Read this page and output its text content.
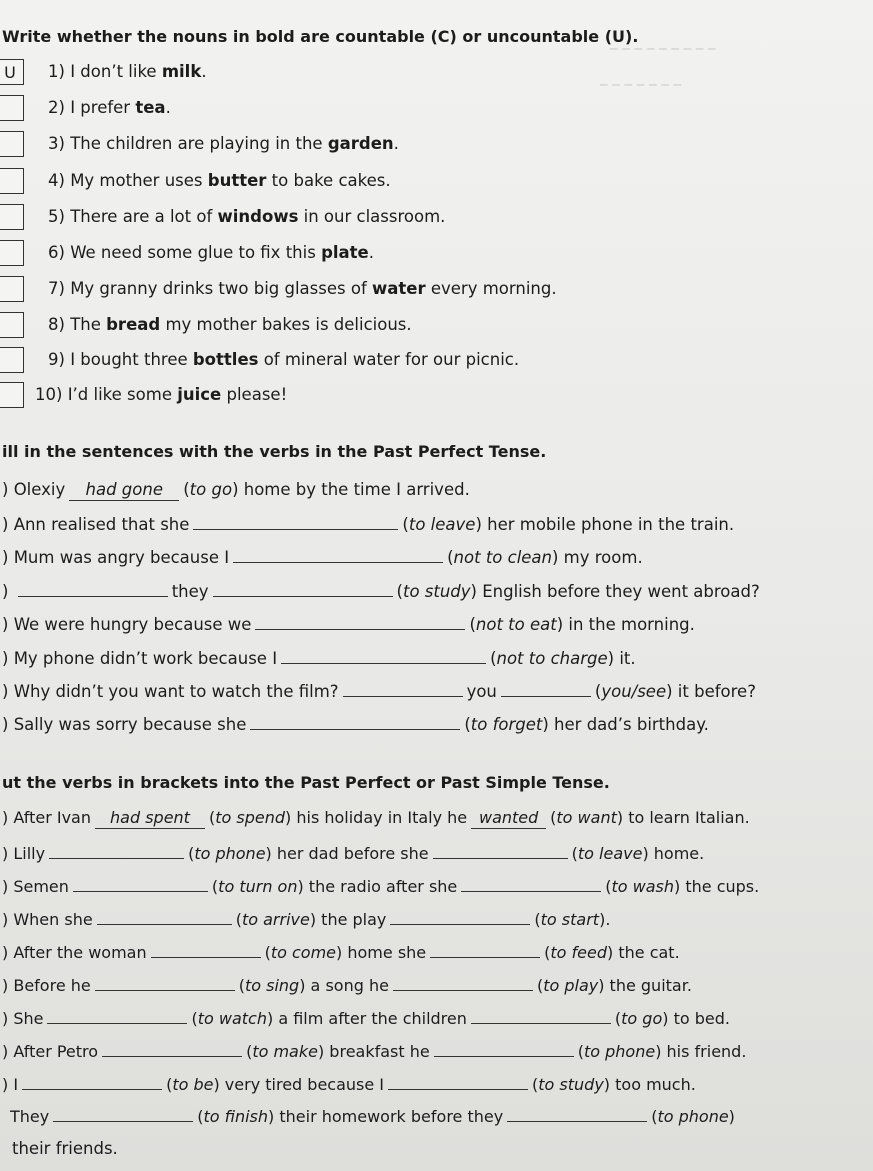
_ _ _ _ _ _ _ _ _
_ _ _ _ _ _ _
Write whether the nouns in bold are countable (C) or uncountable (U).
U	1) I don’t like milk.
2) I prefer tea.
3) The children are playing in the garden.
4) My mother uses butter to bake cakes.
5) There are a lot of windows in our classroom.
6) We need some glue to fix this plate.
7) My granny drinks two big glasses of water every morning.
8) The bread my mother bakes is delicious.
9) I bought three bottles of mineral water for our picnic.
10) I’d like some juice please!
ill in the sentences with the verbs in the Past Perfect Tense.
) Olexiy had gone (to go) home by the time I arrived.
) Ann realised that she	(to leave) her mobile phone in the train.
) Mum was angry because I	(not to clean) my room.
)	they	(to study) English before they went abroad?
) We were hungry because we	(not to eat) in the morning.
) My phone didn’t work because I	(not to charge) it.
) Why didn’t you want to watch the film?	you	(you/see) it before?
) Sally was sorry because she	(to forget) her dad’s birthday.
ut the verbs in brackets into the Past Perfect or Past Simple Tense.
) After Ivan had spent (to spend) his holiday in Italy he wanted (to want) to learn Italian.
) Lilly	(to phone) her dad before she	(to leave) home.
) Semen	(to turn on) the radio after she	(to wash) the cups.
) When she	(to arrive) the play	(to start).
) After the woman	(to come) home she	(to feed) the cat.
) Before he	(to sing) a song he	(to play) the guitar.
) She	(to watch) a film after the children	(to go) to bed.
) After Petro	(to make) breakfast he	(to phone) his friend.
) I	(to be) very tired because I	(to study) too much.
They	(to finish) their homework before they	(to phone)
their friends.
